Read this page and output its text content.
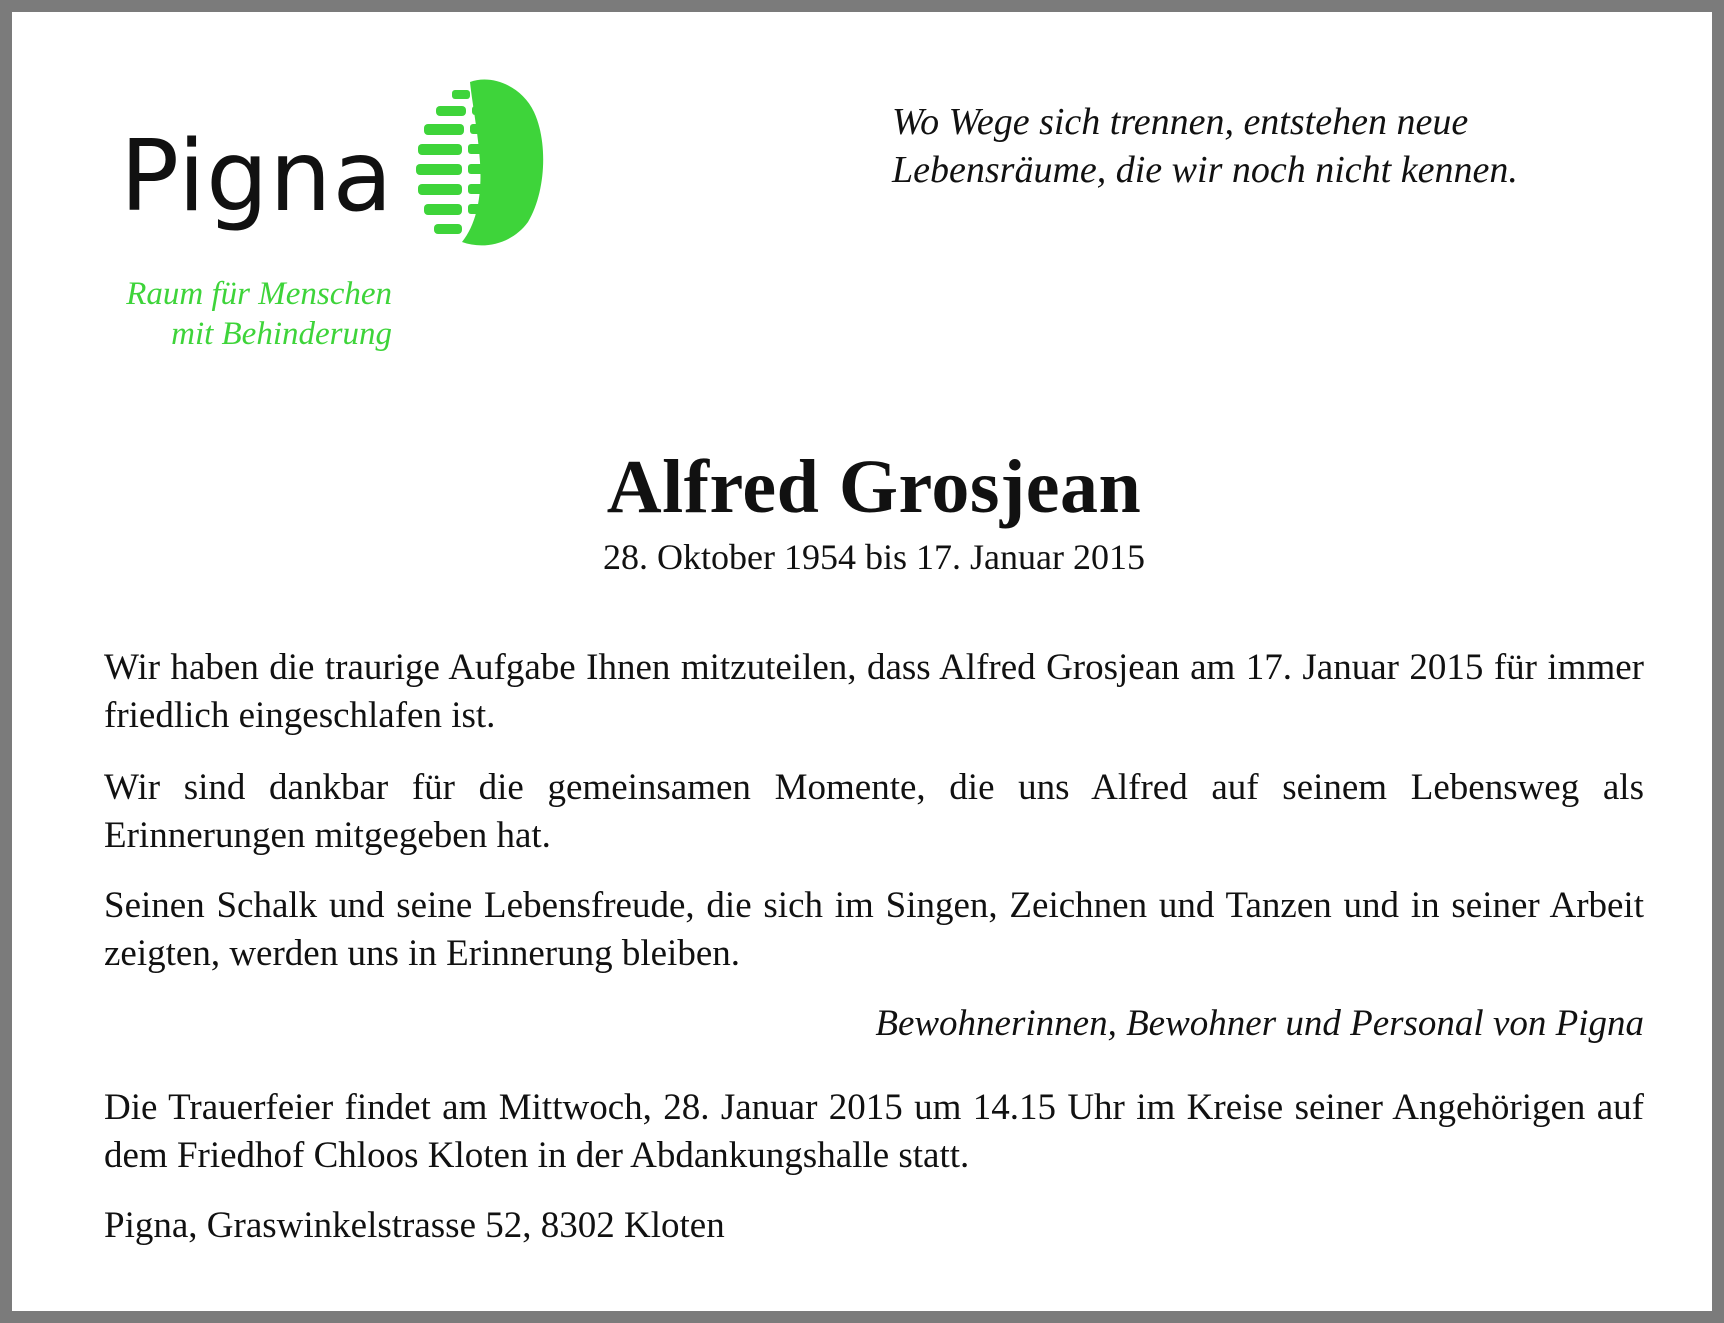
Pigna
Raum für Menschen
mit Behinderung
Wo Wege sich trennen, entstehen neue
Lebensräume, die wir noch nicht kennen.
Alfred Grosjean
28. Oktober 1954 bis 17. Januar 2015

Wir haben die traurige Aufgabe Ihnen mitzuteilen, dass Alfred Grosjean am 17. Januar 2015 für immer friedlich eingeschlafen ist.

Wir sind dankbar für die gemeinsamen Momente, die uns Alfred auf seinem Lebensweg als Erinnerungen mitgegeben hat.

Seinen Schalk und seine Lebensfreude, die sich im Singen, Zeichnen und Tanzen und in seiner Arbeit zeigten, werden uns in Erinnerung bleiben.

Bewohnerinnen, Bewohner und Personal von Pigna

Die Trauerfeier findet am Mittwoch, 28. Januar 2015 um 14.15 Uhr im Kreise seiner Angehörigen auf dem Friedhof Chloos Kloten in der Abdankungshalle statt.

Pigna, Graswinkelstrasse 52, 8302 Kloten
